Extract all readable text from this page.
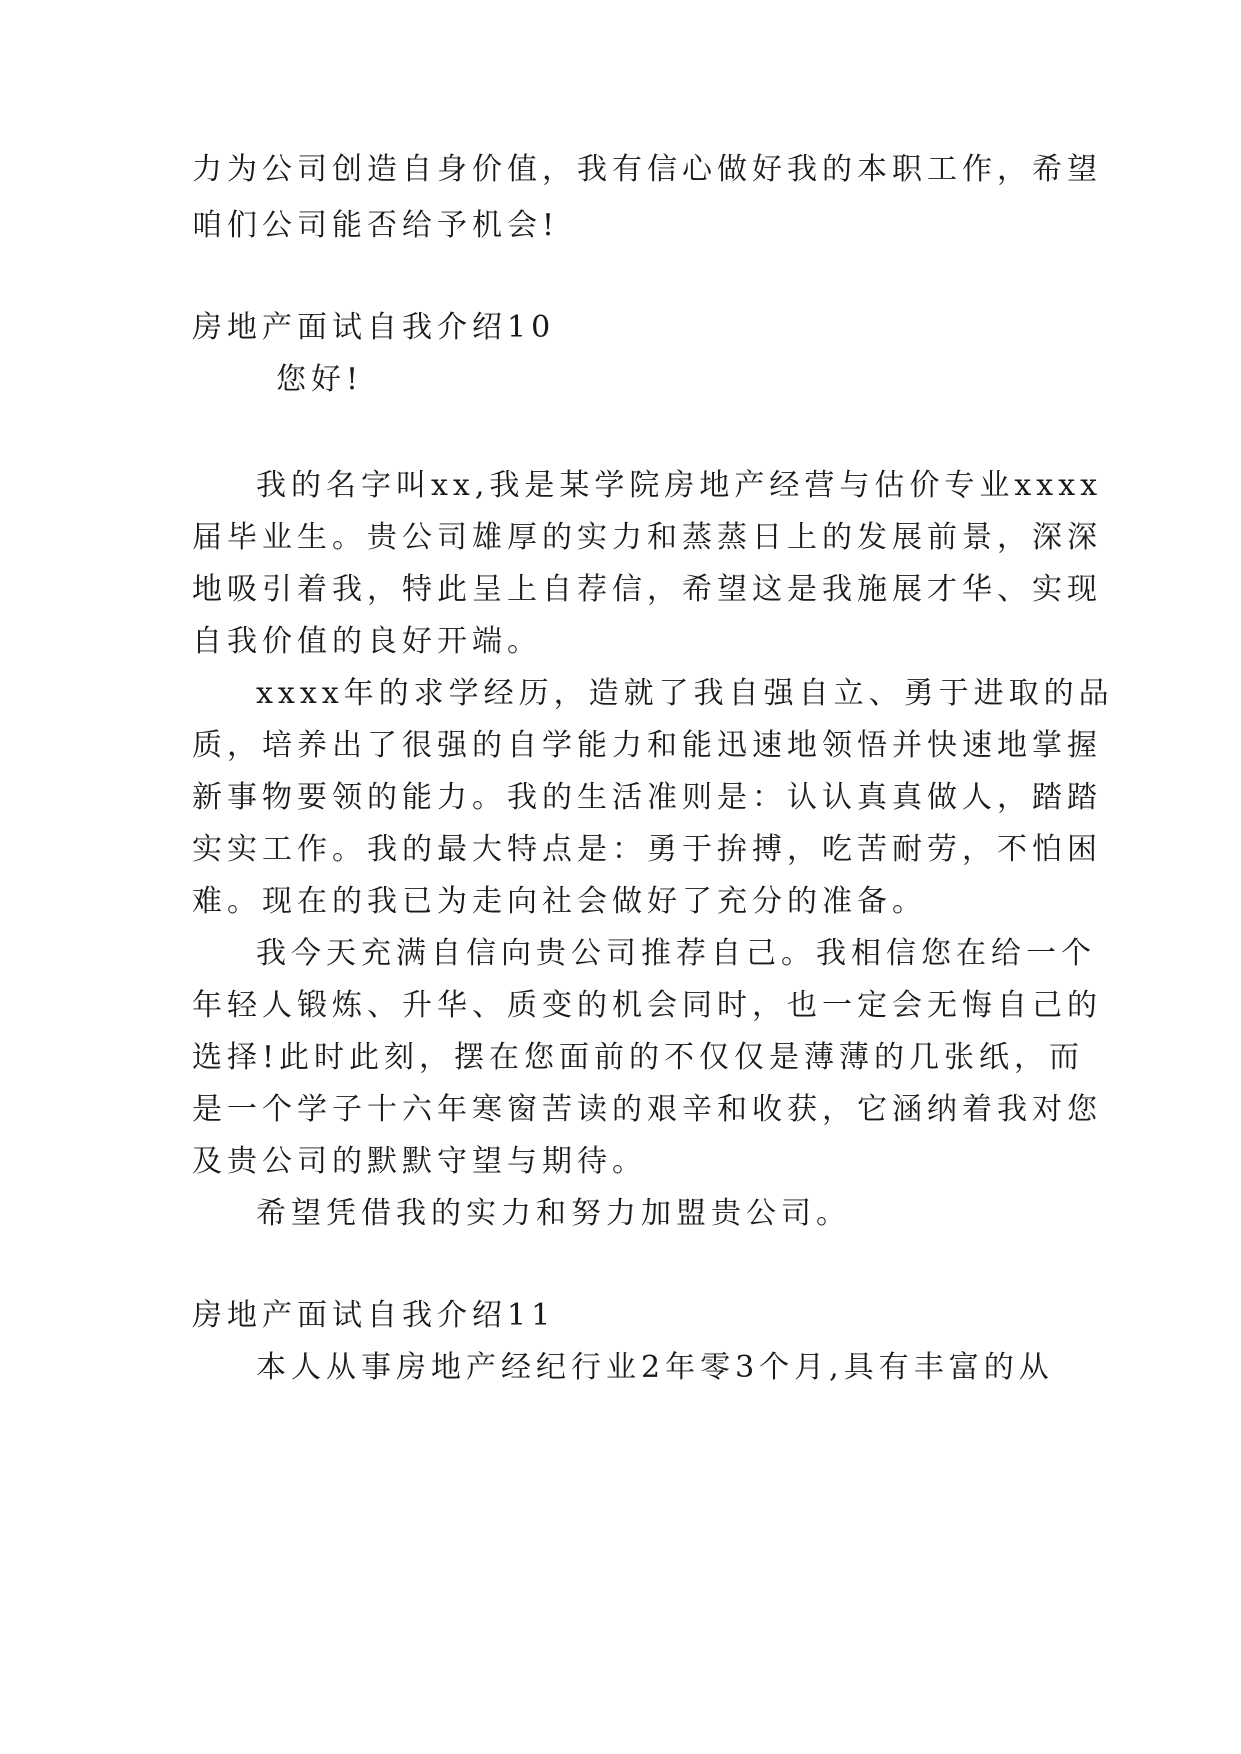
力为公司创造自身价值，我有信心做好我的本职工作，希望
咱们公司能否给予机会!
房地产面试自我介绍10
您好!
我的名字叫xx,我是某学院房地产经营与估价专业xxxx
届毕业生。贵公司雄厚的实力和蒸蒸日上的发展前景，深深
地吸引着我，特此呈上自荐信，希望这是我施展才华、实现
自我价值的良好开端。
xxxx年的求学经历，造就了我自强自立、勇于进取的品
质，培养出了很强的自学能力和能迅速地领悟并快速地掌握
新事物要领的能力。我的生活准则是：认认真真做人，踏踏
实实工作。我的最大特点是：勇于拚搏，吃苦耐劳，不怕困
难。现在的我已为走向社会做好了充分的准备。
我今天充满自信向贵公司推荐自己。我相信您在给一个
年轻人锻炼、升华、质变的机会同时，也一定会无悔自己的
选择!此时此刻，摆在您面前的不仅仅是薄薄的几张纸，而
是一个学子十六年寒窗苦读的艰辛和收获，它涵纳着我对您
及贵公司的默默守望与期待。
希望凭借我的实力和努力加盟贵公司。
房地产面试自我介绍11
本人从事房地产经纪行业2年零3个月,具有丰富的从
